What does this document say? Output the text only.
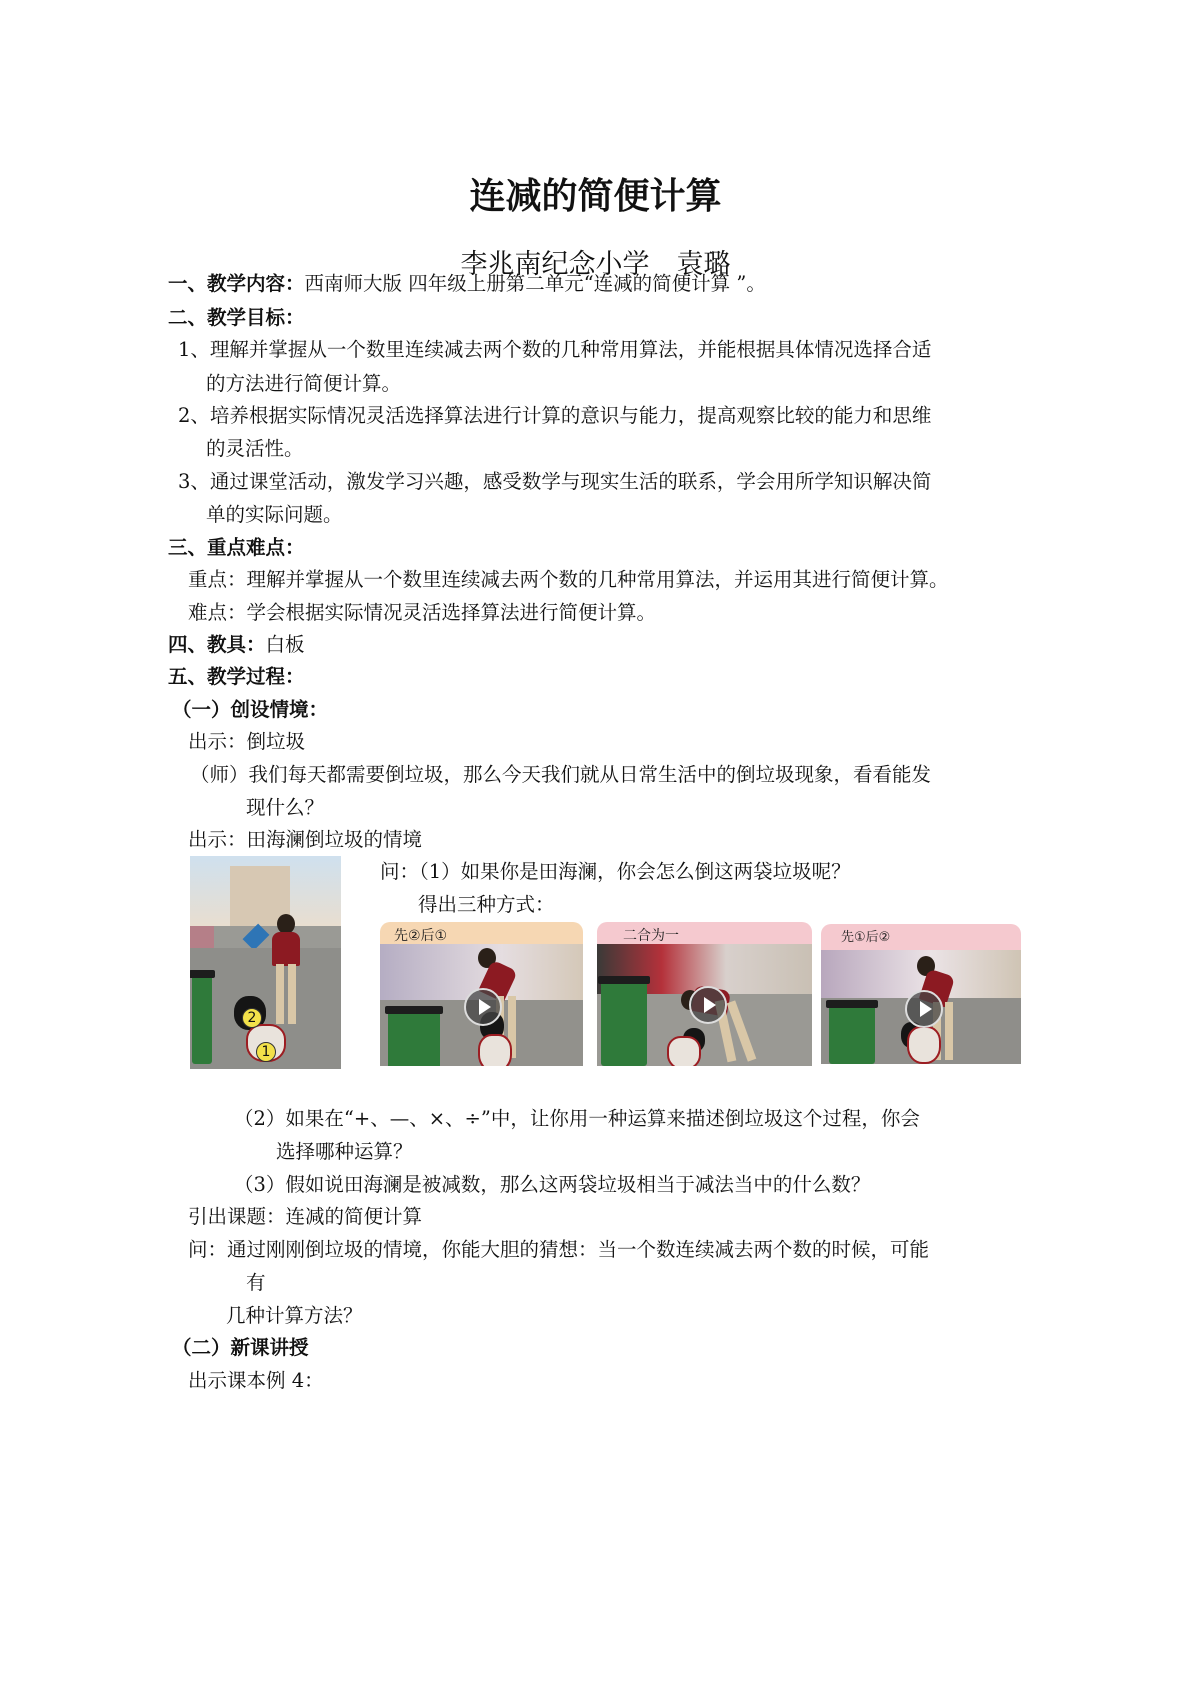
连减的简便计算
李兆南纪念小学　袁璐
一、教学内容：西南师大版 四年级上册第二单元“连减的简便计算 ”。
二、教学目标：
1、理解并掌握从一个数里连续减去两个数的几种常用算法，并能根据具体情况选择合适
的方法进行简便计算。
2、培养根据实际情况灵活选择算法进行计算的意识与能力，提高观察比较的能力和思维
的灵活性。
3、通过课堂活动，激发学习兴趣，感受数学与现实生活的联系，学会用所学知识解决简
单的实际问题。
三、重点难点：
重点：理解并掌握从一个数里连续减去两个数的几种常用算法，并运用其进行简便计算。
难点：学会根据实际情况灵活选择算法进行简便计算。
四、教具：白板
五、教学过程：
（一）创设情境：
出示：倒垃圾
（师）我们每天都需要倒垃圾，那么今天我们就从日常生活中的倒垃圾现象，看看能发
现什么？
出示：田海澜倒垃圾的情境
2
1
问：（1）如果你是田海澜，你会怎么倒这两袋垃圾呢？
得出三种方式：
先②后①	二合为一	先①后②
（2）如果在“+、—、×、÷”中，让你用一种运算来描述倒垃圾这个过程，你会
选择哪种运算？
（3）假如说田海澜是被减数，那么这两袋垃圾相当于减法当中的什么数？
引出课题：连减的简便计算
问：通过刚刚倒垃圾的情境，你能大胆的猜想：当一个数连续减去两个数的时候，可能
有
几种计算方法？
（二）新课讲授
出示课本例 4：
